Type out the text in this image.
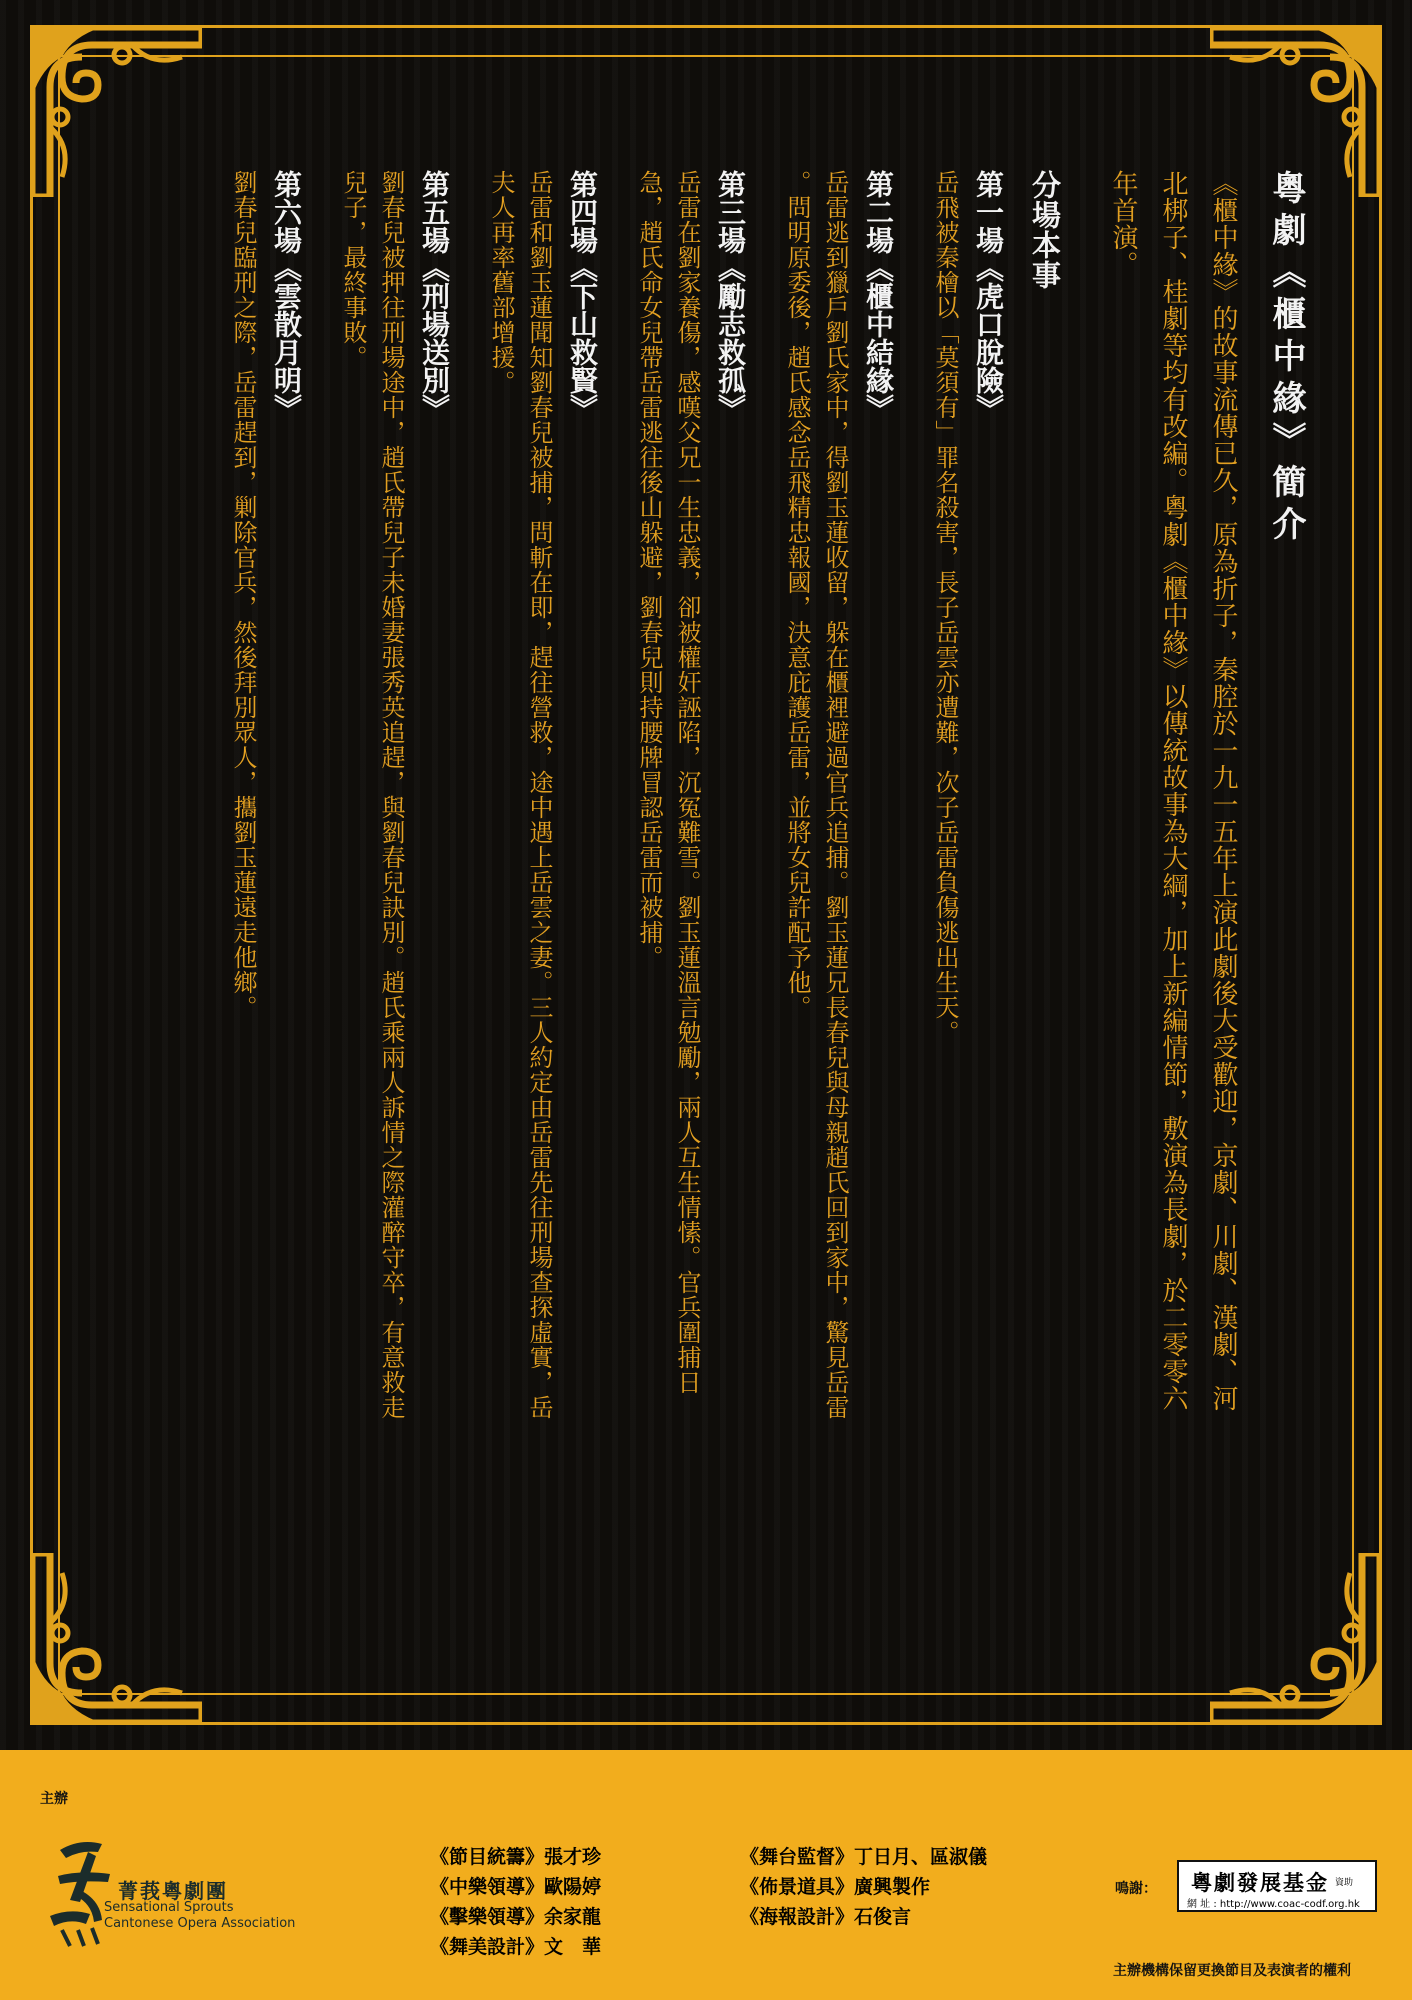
粵劇《櫃中緣》簡介
《櫃中緣》的故事流傳已久，原為折子，秦腔於一九一五年上演此劇後大受歡迎，京劇、川劇、漢劇、河
北梆子、桂劇等均有改編。粵劇《櫃中緣》以傳統故事為大綱，加上新編情節，敷演為長劇，於二零零六
年首演。
分場本事
第一場《虎口脫險》
岳飛被秦檜以「莫須有」罪名殺害，長子岳雲亦遭難，次子岳雷負傷逃出生天。
第二場《櫃中結緣》
岳雷逃到獵戶劉氏家中，得劉玉蓮收留，躲在櫃裡避過官兵追捕。劉玉蓮兄長春兒與母親趙氏回到家中，驚見岳雷
。問明原委後，趙氏感念岳飛精忠報國，決意庇護岳雷，並將女兒許配予他。
第三場《勵志救孤》
岳雷在劉家養傷，感嘆父兄一生忠義，卻被權奸誣陷，沉冤難雪。劉玉蓮溫言勉勵，兩人互生情愫。官兵圍捕日
急，趙氏命女兒帶岳雷逃往後山躲避，劉春兒則持腰牌冒認岳雷而被捕。
第四場《下山救賢》
岳雷和劉玉蓮聞知劉春兒被捕，問斬在即，趕往營救，途中遇上岳雲之妻。三人約定由岳雷先往刑場查探虛實，岳
夫人再率舊部增援。
第五場《刑場送別》
劉春兒被押往刑場途中，趙氏帶兒子未婚妻張秀英追趕，與劉春兒訣別。趙氏乘兩人訴情之際灌醉守卒，有意救走
兒子，最終事敗。
第六場《雲散月明》
劉春兒臨刑之際，岳雷趕到，剿除官兵，然後拜別眾人，攜劉玉蓮遠走他鄉。
主辦
菁莪粵劇團
Sensational Sprouts
Cantonese Opera Association
《節目統籌》張才珍	《舞台監督》丁日月、區淑儀
《中樂領導》歐陽婷	《佈景道具》廣興製作
《擊樂領導》余家龍	《海報設計》石俊言
《舞美設計》文　華
鳴謝： 粵劇發展基金 資助
網 址 : http://www.coac-codf.org.hk
主辦機構保留更換節目及表演者的權利
